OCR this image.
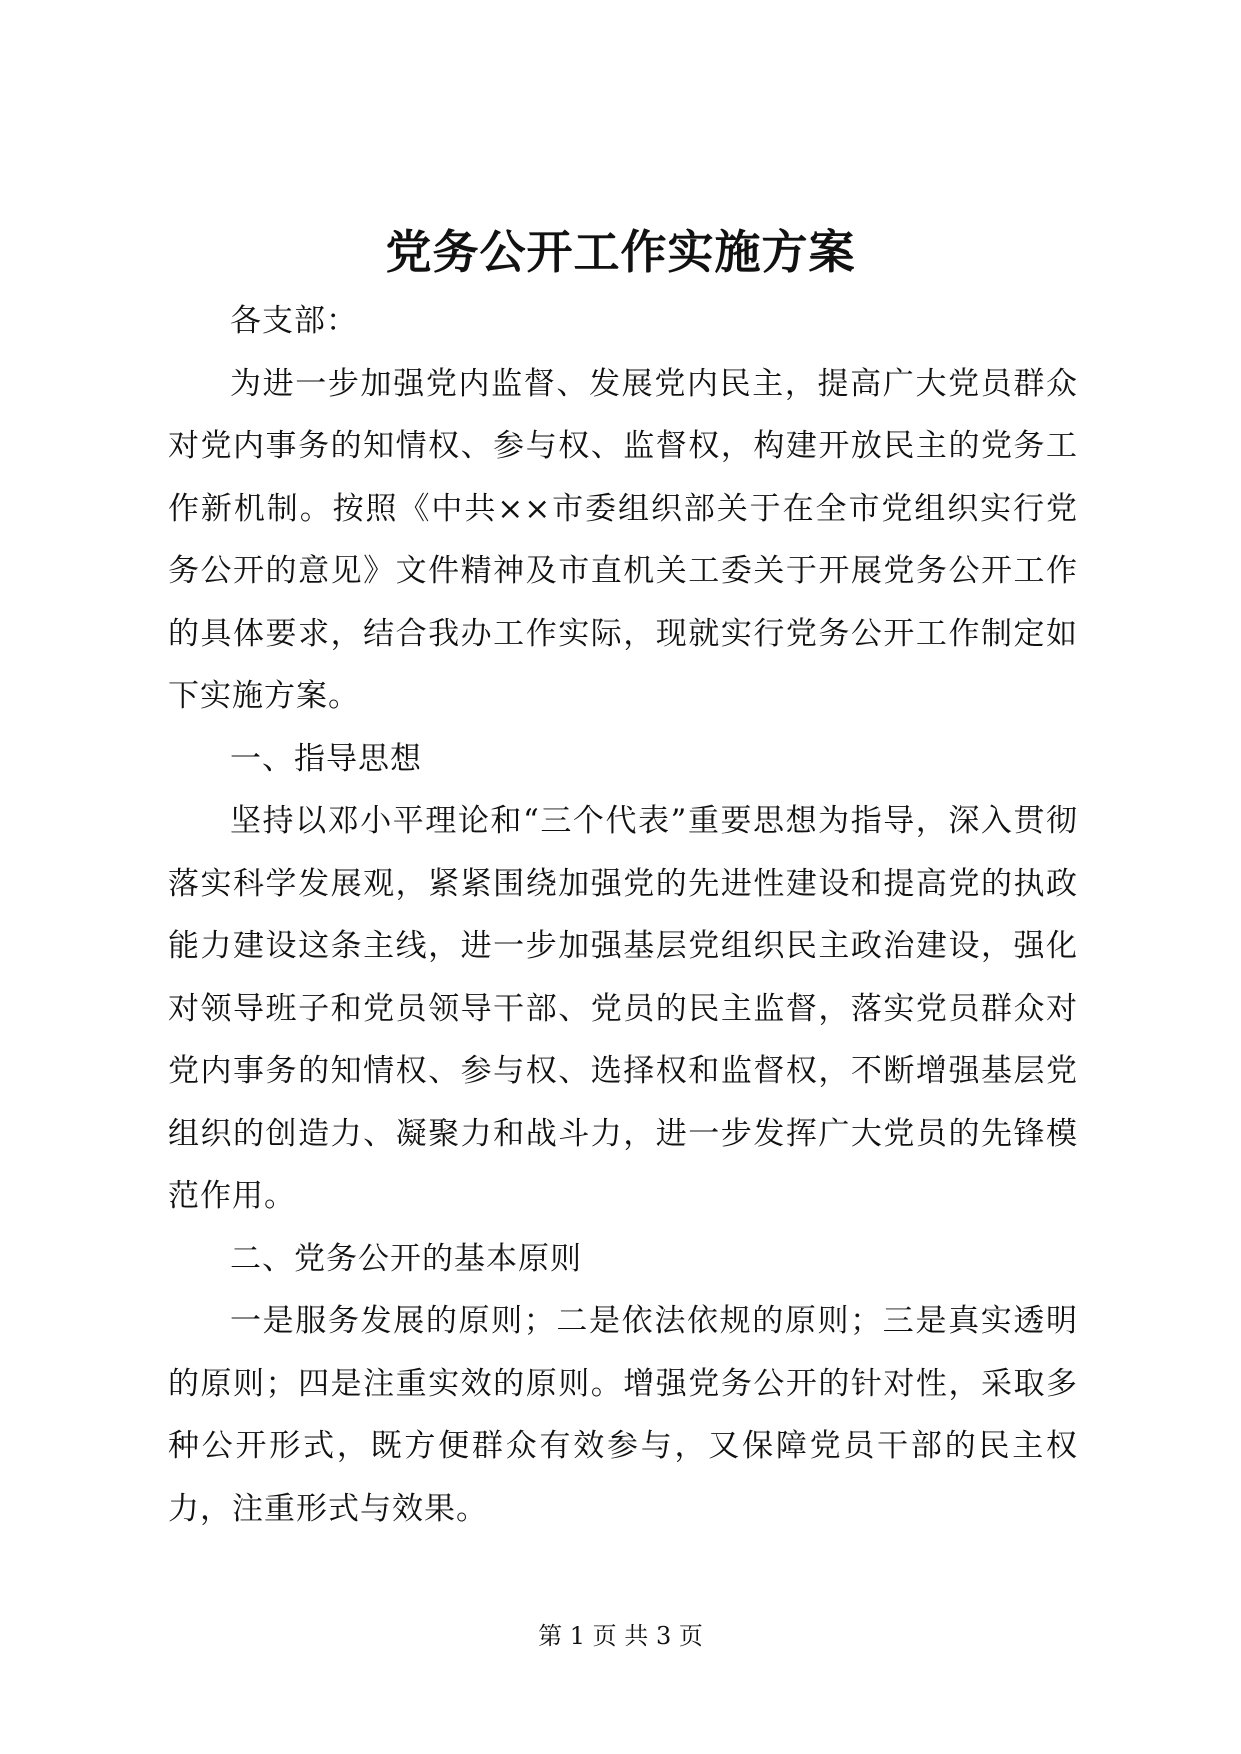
党务公开工作实施方案

各支部：

为进一步加强党内监督、发展党内民主，提高广大党员群众对党内事务的知情权、参与权、监督权，构建开放民主的党务工作新机制。按照《中共××市委组织部关于在全市党组织实行党务公开的意见》文件精神及市直机关工委关于开展党务公开工作的具体要求，结合我办工作实际，现就实行党务公开工作制定如下实施方案。

一、指导思想

坚持以邓小平理论和“三个代表”重要思想为指导，深入贯彻落实科学发展观，紧紧围绕加强党的先进性建设和提高党的执政能力建设这条主线，进一步加强基层党组织民主政治建设，强化对领导班子和党员领导干部、党员的民主监督，落实党员群众对党内事务的知情权、参与权、选择权和监督权，不断增强基层党组织的创造力、凝聚力和战斗力，进一步发挥广大党员的先锋模范作用。

二、党务公开的基本原则

一是服务发展的原则；二是依法依规的原则；三是真实透明的原则；四是注重实效的原则。增强党务公开的针对性，采取多种公开形式，既方便群众有效参与，又保障党员干部的民主权力，注重形式与效果。

第 1 页 共 3 页
